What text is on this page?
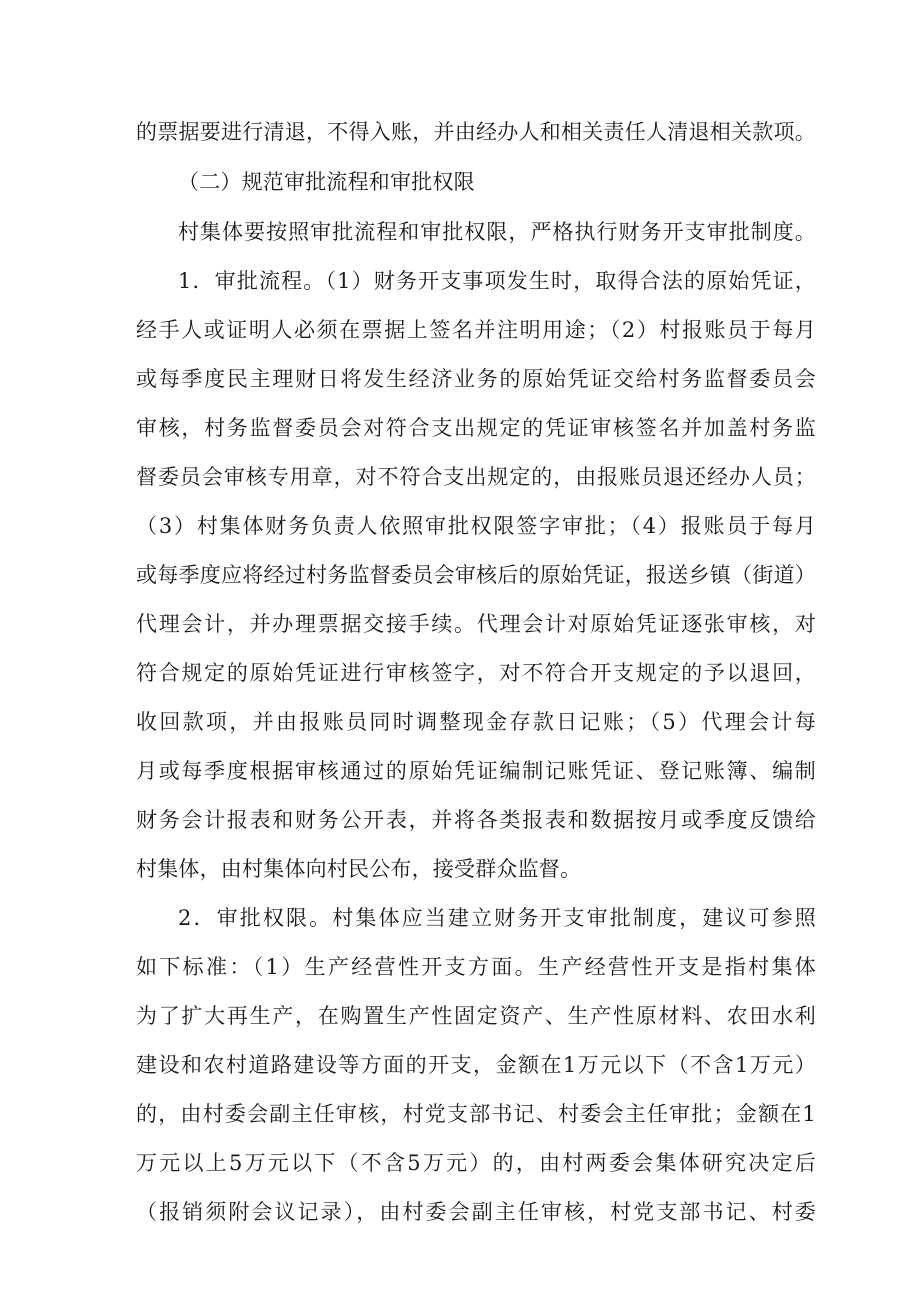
的票据要进行清退，不得入账，并由经办人和相关责任人清退相关款项。
（二）规范审批流程和审批权限
村集体要按照审批流程和审批权限，严格执行财务开支审批制度。
1．审批流程。（1）财务开支事项发生时，取得合法的原始凭证，
经手人或证明人必须在票据上签名并注明用途；（2）村报账员于每月
或每季度民主理财日将发生经济业务的原始凭证交给村务监督委员会
审核，村务监督委员会对符合支出规定的凭证审核签名并加盖村务监
督委员会审核专用章，对不符合支出规定的，由报账员退还经办人员；
（3）村集体财务负责人依照审批权限签字审批；（4）报账员于每月
或每季度应将经过村务监督委员会审核后的原始凭证，报送乡镇（街道）
代理会计，并办理票据交接手续。代理会计对原始凭证逐张审核，对
符合规定的原始凭证进行审核签字，对不符合开支规定的予以退回，
收回款项，并由报账员同时调整现金存款日记账；（5）代理会计每
月或每季度根据审核通过的原始凭证编制记账凭证、登记账簿、编制
财务会计报表和财务公开表，并将各类报表和数据按月或季度反馈给
村集体，由村集体向村民公布，接受群众监督。
2．审批权限。村集体应当建立财务开支审批制度，建议可参照
如下标准：（1）生产经营性开支方面。生产经营性开支是指村集体
为了扩大再生产，在购置生产性固定资产、生产性原材料、农田水利
建设和农村道路建设等方面的开支，金额在1万元以下（不含1万元）
的，由村委会副主任审核，村党支部书记、村委会主任审批；金额在1
万元以上5万元以下（不含5万元）的，由村两委会集体研究决定后
（报销须附会议记录），由村委会副主任审核，村党支部书记、村委
